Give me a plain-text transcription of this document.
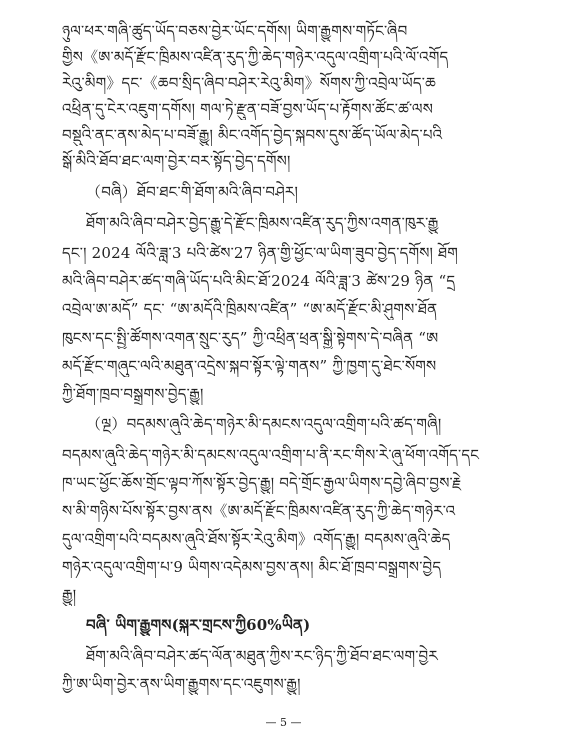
ཉུལ་ཕར་གཞི་ཚུད་ཡོད་བཅས་བྱེར་ཡོང་དགོས། ཡིག་རྒྱུགས་གཏོང་ཞིབ
གྱིས《ཨ་མདོ་རྫོང་ཁྲིམས་འཛིན་རུད་ཀྱི་ཆེད་གཉེར་འདུལ་འགྲིག་པའི་ལོ་འགོད
རེའུ་མིག》དང་《ཆབ་སྲིད་ཞིབ་བཤེར་རེའུ་མིག》སོགས་ཀྱི་འབྲེལ་ཡོད་ཆ
འཕྲིན་དུ་ངེར་འཇུག་དགོས། གལ་ཏེ་རྫུན་བཟོ་བྱས་ཡོད་པ་རྟོགས་ཚོང་ཚ་ལས
བསྡུའི་ནང་ནས་མེད་པ་བཟོ་རྒྱུ། མིང་འགོད་བྱེད་སྐབས་དུས་ཚོད་ཡོལ་མེད་པའི
སྒོ་མིའི་ཐོབ་ཐང་ལག་བྱེར་བར་སྟོད་བྱེད་དགོས།
（བཞི）ཐོབ་ཐང་གི་ཐོག་མའི་ཞིབ་བཤེར།
ཐོག་མའི་ཞིབ་བཤེར་བྱེད་རྒྱུ་དེ་རྫོང་ཁྲིམས་འཛིན་རུད་ཀྱིས་འགན་ཁུར་རྒྱུ
དང་། 2024 ལོའི་ཟླ་3 པའི་ཚེས་27 ཉིན་གྱི་ཕྱོང་ལ་ཡིག་ཟུབ་བྱེད་དགོས། ཐོག
མའི་ཞིབ་བཤེར་ཚད་གཞི་ཡོད་པའི་མིང་ཐོ་2024 ལོའི་ཟླ་3 ཚེས་29 ཉིན “དྲ
འབྲེལ་ཨ་མདོ” དང་ “ཨ་མདོའི་ཁྲིམས་འཛིན” “ཨ་མདོ་རྫོང་མི་ཤུགས་ཐོན
ཁུངས་དང་སྤྱི་ཚོགས་འགན་སྲུང་རུད” ཀྱི་འཕྲིན་ཕྲན་སྒྱི་སྟེགས་དེ་བཞིན “ཨ
མདོ་རྫོང་གཞུང་ལའི་མཐུན་འདྲེས་སྐབ་སྟོར་ལྟེ་གནས” ཀྱི་ཁྱག་དུ་ཐེང་སོགས
ཀྱི་ཐོག་ཁྲབ་བསྒྲགས་བྱེད་རྒྱུ།
（ལྔ）བདམས་ཞུའི་ཆེད་གཉེར་མི་དམངས་འདུལ་འགྲིག་པའི་ཚད་གཞི།
བདམས་ཞུའི་ཆེད་གཉེར་མི་དམངས་འདུལ་འགྲིག་པ་ནི་རང་གིས་རེ་ཞུ་ཕོག་འགོད་དང
ཁ་ཡང་ཕྱོང་ཆོས་གྲོང་ལྟབ་ཀོས་སྟོར་བྱེད་རྒྱུ། བདེ་གྲོང་རྒྱལ་ཡིགས་དབྱེ་ཞིབ་བྱས་རྗེ
ས་མི་གཉིས་པོས་སྟོར་བྱས་ནས《ཨ་མདོ་རྫོང་ཁྲིམས་འཛིན་རུད་ཀྱི་ཆེད་གཉེར་འ
དུལ་འགྲིག་པའི་བདམས་ཞུའི་ཐོས་སྟོར་རེའུ་མིག》འགོད་རྒྱུ། བདམས་ཞུའི་ཆེད
གཉེར་འདུལ་འགྲིག་པ་9 ཡིགས་འདེམས་བྱས་ནས། མིང་ཐོ་ཁྲབ་བསྒྲགས་བྱེད
རྒྱུ།
བཞི་ ཡིག་རྒྱུགས(སྐར་གྲངས་ཀྱི60%ཡིན)
ཐོག་མའི་ཞིབ་བཤེར་ཚད་ལོན་མཐུན་ཀྱིས་རང་ཉིད་ཀྱི་ཐོབ་ཐང་ལག་བྱེར
ཀྱི་ཨ་ཡིག་བྱེར་ནས་ཡིག་རྒྱུགས་དང་འཇུགས་རྒྱུ།
— 5 —
